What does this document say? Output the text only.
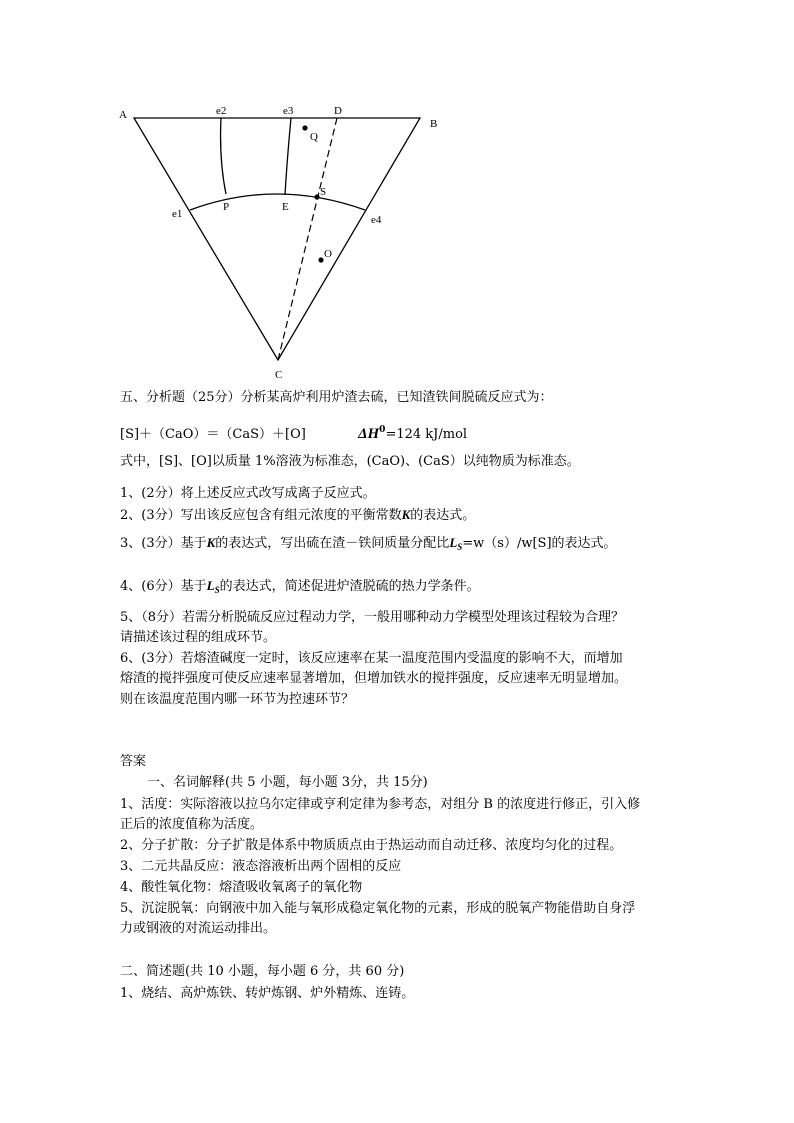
A
B
C
D
e2	e3
e1	e4
P	E
S
Q
O
五、分析题（25分）分析某高炉利用炉渣去硫，已知渣铁间脱硫反应式为：
[S]＋（CaO）＝（CaS）＋[O]	$\Delta H^0=124$ kJ/mol
式中，[S]、[O]以质量 1%溶液为标准态，(CaO)、(CaS）以纯物质为标准态。
1、(2分）将上述反应式改写成离子反应式。
2、(3分）写出该反应包含有组元浓度的平衡常数K的表达式。
3、(3分）基于K的表达式，写出硫在渣－铁间质量分配比$L_S=w(s)/w[S]$的表达式。
4、(6分）基于$L_S$的表达式，简述促进炉渣脱硫的热力学条件。
5、（8分）若需分析脱硫反应过程动力学，一般用哪种动力学模型处理该过程较为合理？
请描述该过程的组成环节。
6、(3分）若熔渣碱度一定时，该反应速率在某一温度范围内受温度的影响不大，而增加
熔渣的搅拌强度可使反应速率显著增加，但增加铁水的搅拌强度，反应速率无明显增加。
则在该温度范围内哪一环节为控速环节？
答案
一、名词解释(共 5 小题，每小题 3分，共 15分)
1、活度：实际溶液以拉乌尔定律或亨利定律为参考态，对组分 B 的浓度进行修正，引入修
正后的浓度值称为活度。
2、分子扩散：分子扩散是体系中物质质点由于热运动而自动迁移、浓度均匀化的过程。
3、二元共晶反应：液态溶液析出两个固相的反应
4、酸性氧化物：熔渣吸收氧离子的氧化物
5、沉淀脱氧：向钢液中加入能与氧形成稳定氧化物的元素，形成的脱氧产物能借助自身浮
力或钢液的对流运动排出。
二、简述题(共 10 小题，每小题 6 分，共 60 分)
1、烧结、高炉炼铁、转炉炼钢、炉外精炼、连铸。
